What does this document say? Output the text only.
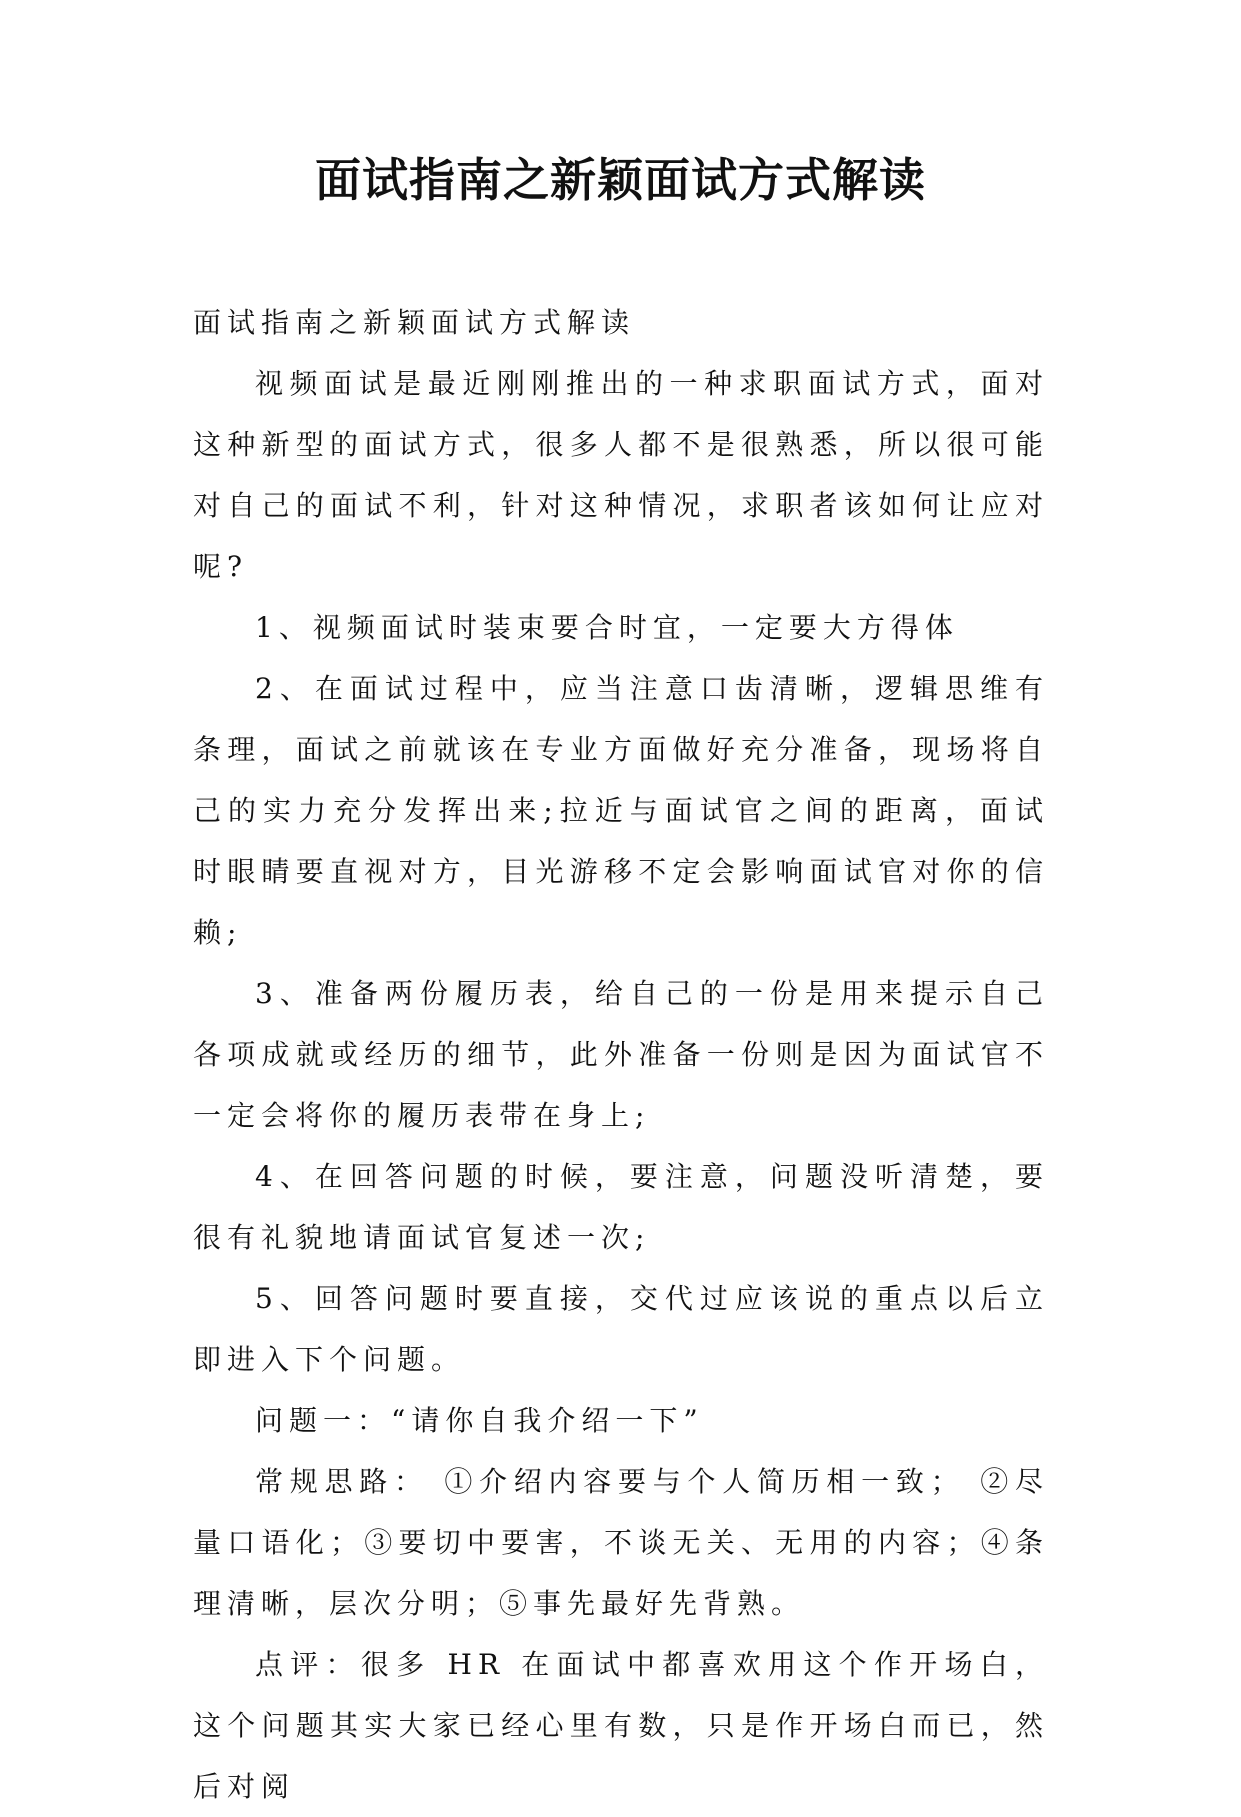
面试指南之新颖面试方式解读

面试指南之新颖面试方式解读

视频面试是最近刚刚推出的一种求职面试方式，面对这种新型的面试方式，很多人都不是很熟悉，所以很可能对自己的面试不利，针对这种情况，求职者该如何让应对呢?

1、视频面试时装束要合时宜，一定要大方得体

2、在面试过程中，应当注意口齿清晰，逻辑思维有条理，面试之前就该在专业方面做好充分准备，现场将自己的实力充分发挥出来;拉近与面试官之间的距离，面试时眼睛要直视对方，目光游移不定会影响面试官对你的信赖;

3、准备两份履历表，给自己的一份是用来提示自己各项成就或经历的细节，此外准备一份则是因为面试官不一定会将你的履历表带在身上;

4、在回答问题的时候，要注意，问题没听清楚，要很有礼貌地请面试官复述一次;

5、回答问题时要直接，交代过应该说的重点以后立即进入下个问题。

问题一：“请你自我介绍一下”

常规思路： ①介绍内容要与个人简历相一致； ②尽量口语化；③要切中要害，不谈无关、无用的内容；④条理清晰，层次分明；⑤事先最好先背熟。

点评：很多 HR 在面试中都喜欢用这个作开场白，这个问题其实大家已经心里有数，只是作开场白而已，然后对阅
